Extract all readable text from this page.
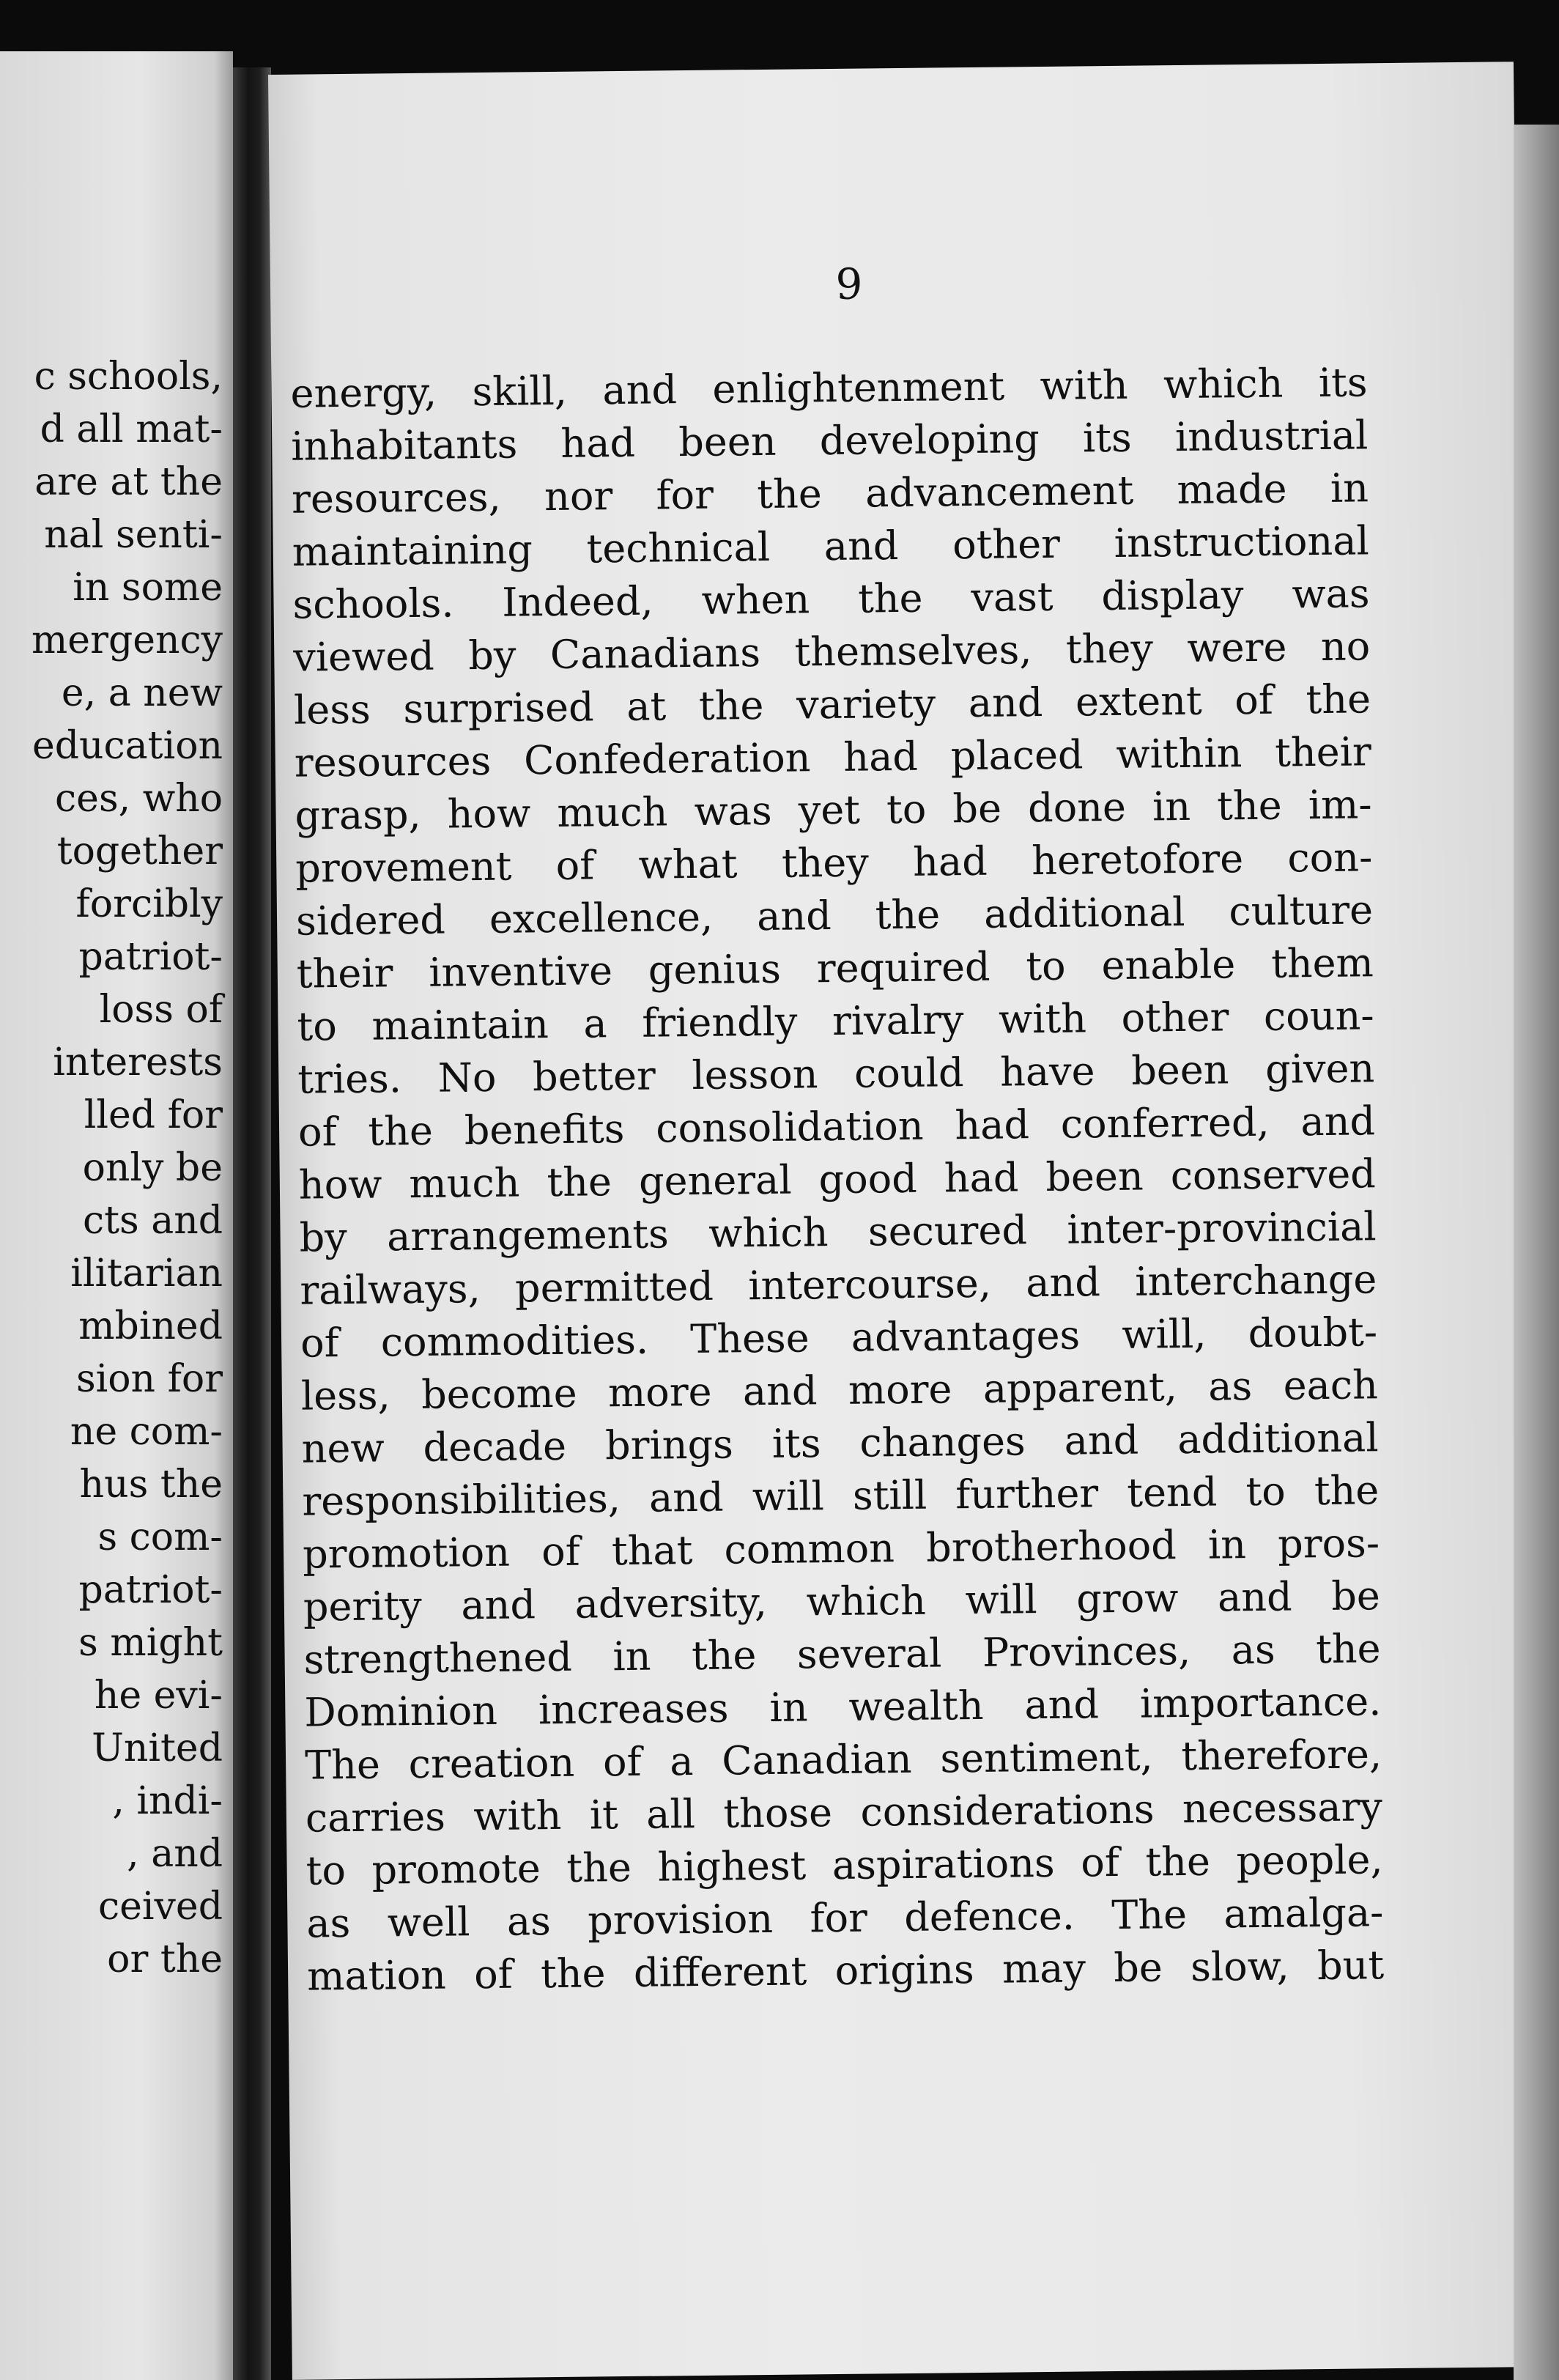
c schools,
d all mat-
are at the
nal senti-
in some
mergency
e, a new
education
ces, who
together
forcibly
patriot-
loss of
interests
lled for
only be
cts and
ilitarian
mbined
sion for
ne com-
hus the
s com-
patriot-
s might
he evi-
United
, indi-
, and
ceived
or the
9
energy, skill, and enlightenment with which its
inhabitants had been developing its industrial
resources, nor for the advancement made in
maintaining technical and other instructional
schools. Indeed, when the vast display was
viewed by Canadians themselves, they were no
less surprised at the variety and extent of the
resources Confederation had placed within their
grasp, how much was yet to be done in the im-
provement of what they had heretofore con-
sidered excellence, and the additional culture
their inventive genius required to enable them
to maintain a friendly rivalry with other coun-
tries. No better lesson could have been given
of the benefits consolidation had conferred, and
how much the general good had been conserved
by arrangements which secured inter-provincial
railways, permitted intercourse, and interchange
of commodities. These advantages will, doubt-
less, become more and more apparent, as each
new decade brings its changes and additional
responsibilities, and will still further tend to the
promotion of that common brotherhood in pros-
perity and adversity, which will grow and be
strengthened in the several Provinces, as the
Dominion increases in wealth and importance.
The creation of a Canadian sentiment, therefore,
carries with it all those considerations necessary
to promote the highest aspirations of the people,
as well as provision for defence. The amalga-
mation of the different origins may be slow, but
